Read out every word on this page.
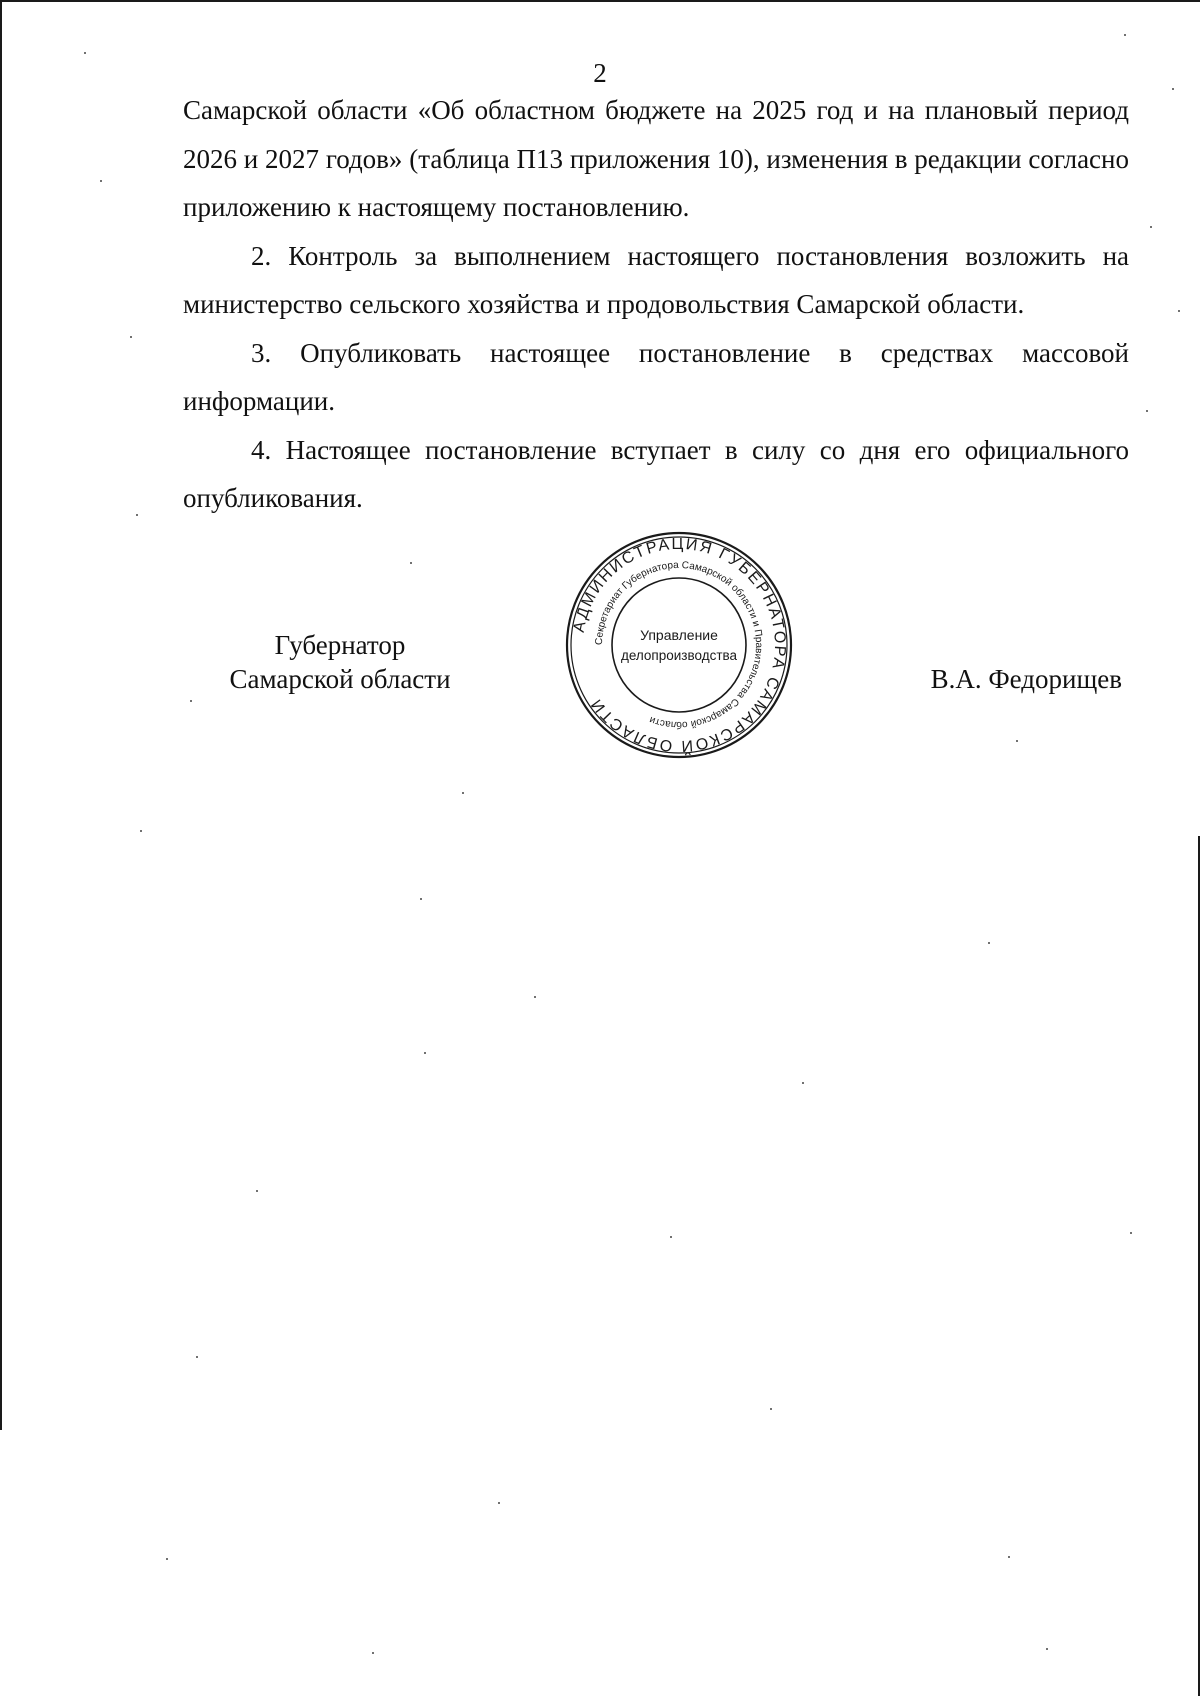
2

Самарской области «Об областном бюджете на 2025 год и на плановый период 2026 и 2027 годов» (таблица П13 приложения 10), изменения в редакции согласно приложению к настоящему постановлению.

2. Контроль за выполнением настоящего постановления возложить на министерство сельского хозяйства и продовольствия Самарской области.

3. Опубликовать настоящее постановление в средствах массовой информации.

4. Настоящее постановление вступает в силу со дня его официального опубликования.

Губернатор
Самарской области
АДМИНИСТРАЦИЯ ГУБЕРНАТОРА САМАРСКОЙ ОБЛАСТИ
Секретариат Губернатора Самарской области и Правительства Самарской области
Управление
делопроизводства
В.А. Федорищев
